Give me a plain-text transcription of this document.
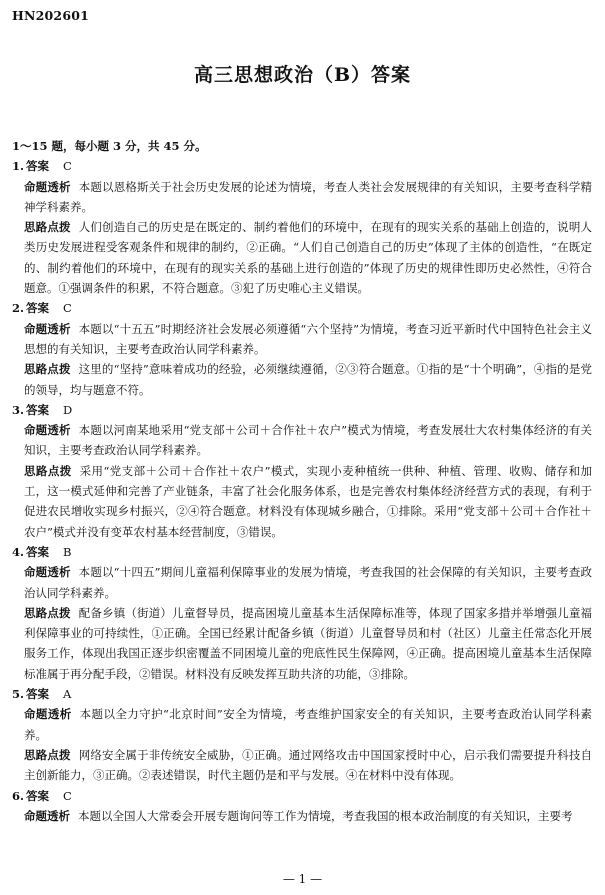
HN202601
高三思想政治（B）答案
1～15 题，每小题 3 分，共 45 分。
1. 答案 C
命题透析 本题以恩格斯关于社会历史发展的论述为情境，考查人类社会发展规律的有关知识，主要考查科学精神学科素养。
思路点拨 人们创造自己的历史是在既定的、制约着他们的环境中，在现有的现实关系的基础上创造的，说明人类历史发展进程受客观条件和规律的制约，②正确。“人们自己创造自己的历史”体现了主体的创造性，“在既定的、制约着他们的环境中，在现有的现实关系的基础上进行创造的”体现了历史的规律性即历史必然性，④符合题意。①强调条件的积累，不符合题意。③犯了历史唯心主义错误。
2. 答案 C
命题透析 本题以“十五五”时期经济社会发展必须遵循“六个坚持”为情境，考查习近平新时代中国特色社会主义思想的有关知识，主要考查政治认同学科素养。
思路点拨 这里的“坚持”意味着成功的经验，必须继续遵循，②③符合题意。①指的是“十个明确”，④指的是党的领导，均与题意不符。
3. 答案 D
命题透析 本题以河南某地采用“党支部＋公司＋合作社＋农户”模式为情境，考查发展壮大农村集体经济的有关知识，主要考查政治认同学科素养。
思路点拨 采用“党支部＋公司＋合作社＋农户”模式，实现小麦种植统一供种、种植、管理、收购、储存和加工，这一模式延伸和完善了产业链条，丰富了社会化服务体系，也是完善农村集体经济经营方式的表现，有利于促进农民增收实现乡村振兴，②④符合题意。材料没有体现城乡融合，①排除。采用“党支部＋公司＋合作社＋农户”模式并没有变革农村基本经营制度，③错误。
4. 答案 B
命题透析 本题以“十四五”期间儿童福利保障事业的发展为情境，考查我国的社会保障的有关知识，主要考查政治认同学科素养。
思路点拨 配备乡镇（街道）儿童督导员，提高困境儿童基本生活保障标准等，体现了国家多措并举增强儿童福利保障事业的可持续性，①正确。全国已经累计配备乡镇（街道）儿童督导员和村（社区）儿童主任常态化开展服务工作，体现出我国正逐步织密覆盖不同困境儿童的兜底性民生保障网，④正确。提高困境儿童基本生活保障标准属于再分配手段，②错误。材料没有反映发挥互助共济的功能，③排除。
5. 答案 A
命题透析 本题以全力守护“北京时间”安全为情境，考查维护国家安全的有关知识，主要考查政治认同学科素养。
思路点拨 网络安全属于非传统安全威胁，①正确。通过网络攻击中国国家授时中心，启示我们需要提升科技自主创新能力，③正确。②表述错误，时代主题仍是和平与发展。④在材料中没有体现。
6. 答案 C
命题透析 本题以全国人大常委会开展专题询问等工作为情境，考查我国的根本政治制度的有关知识，主要考
— 1 —
